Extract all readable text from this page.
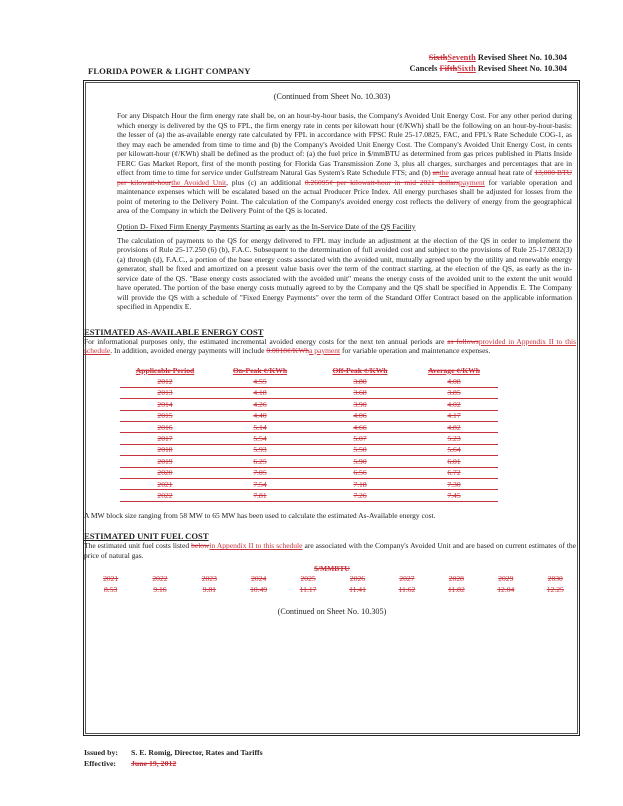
SixthSeventh Revised Sheet No. 10.304
Cancels FifthSixth Revised Sheet No. 10.304
FLORIDA POWER & LIGHT COMPANY
(Continued from Sheet No. 10.303)

For any Dispatch Hour the firm energy rate shall be, on an hour-by-hour basis, the Company's Avoided Unit Energy Cost. For any other period during which energy is delivered by the QS to FPL, the firm energy rate in cents per kilowatt hour (¢/KWh) shall be the following on an hour-by-hour-basis: the lesser of (a) the as-available energy rate calculated by FPL in accordance with FPSC Rule 25-17.0825, FAC, and FPL's Rate Schedule COG-1, as they may each be amended from time to time and (b) the Company's Avoided Unit Energy Cost. The Company's Avoided Unit Energy Cost, in cents per kilowatt-hour (¢/KWh) shall be defined as the product of: (a) the fuel price in $/mmBTU as determined from gas prices published in Platts Inside FERC Gas Market Report, first of the month posting for Florida Gas Transmission Zone 3, plus all charges, surcharges and percentages that are in effect from time to time for service under Gulfstream Natural Gas System's Rate Schedule FTS; and (b) anthe average annual heat rate of 13,000 BTU per kilowatt-hourthe Avoided Unit, plus (c) an additional 0.26095¢ per kilowatt-hour in mid 2021 dollarspayment for variable operation and maintenance expenses which will be escalated based on the actual Producer Price Index. All energy purchases shall be adjusted for losses from the point of metering to the Delivery Point. The calculation of the Company's avoided energy cost reflects the delivery of energy from the geographical area of the Company in which the Delivery Point of the QS is located.

Option D- Fixed Firm Energy Payments Starting as early as the In-Service Date of the QS Facility

The calculation of payments to the QS for energy delivered to FPL may include an adjustment at the election of the QS in order to implement the provisions of Rule 25-17.250 (6) (b), F.A.C. Subsequent to the determination of full avoided cost and subject to the provisions of Rule 25-17.0832(3) (a) through (d), F.A.C., a portion of the base energy costs associated with the avoided unit, mutually agreed upon by the utility and renewable energy generator, shall be fixed and amortized on a present value basis over the term of the contract starting, at the election of the QS, as early as the in-service date of the QS. "Base energy costs associated with the avoided unit" means the energy costs of the avoided unit to the extent the unit would have operated. The portion of the base energy costs mutually agreed to by the Company and the QS shall be specified in Appendix E. The Company will provide the QS with a schedule of "Fixed Energy Payments" over the term of the Standard Offer Contract based on the applicable information specified in Appendix E.

ESTIMATED AS-AVAILABLE ENERGY COST

For informational purposes only, the estimated incremental avoided energy costs for the next ten annual periods are as followsprovided in Appendix II to this schedule. In addition, avoided energy payments will include 0.0018¢/KWha payment for variable operation and maintenance expenses.

Applicable Period	On-Peak ¢/KWh	Off-Peak ¢/KWh	Average ¢/KWh
2012	4.55	3.80	4.08
2013	4.18	3.68	3.85
2014	4.26	3.90	4.02
2015	4.40	4.06	4.17
2016	5.14	4.66	4.82
2017	5.54	5.07	5.23
2018	5.93	5.50	5.64
2019	6.25	5.90	6.01
2020	7.05	6.56	6.72
2021	7.54	7.18	7.30
2022	7.81	7.26	7.45

A MW block size ranging from 58 MW to 65 MW has been used to calculate the estimated As-Available energy cost.

ESTIMATED UNIT FUEL COST

The estimated unit fuel costs listed belowin Appendix II to this schedule are associated with the Company's Avoided Unit and are based on current estimates of the price of natural gas.

$/MMBTU
2021	2022	2023	2024	2025	2026	2027	2028	2029	2030
8.53	9.16	9.81	10.49	11.17	11.41	11.62	11.82	12.04	12.25
(Continued on Sheet No. 10.305)
Issued by: S. E. Romig, Director, Rates and Tariffs
Effective: June 19, 2012
